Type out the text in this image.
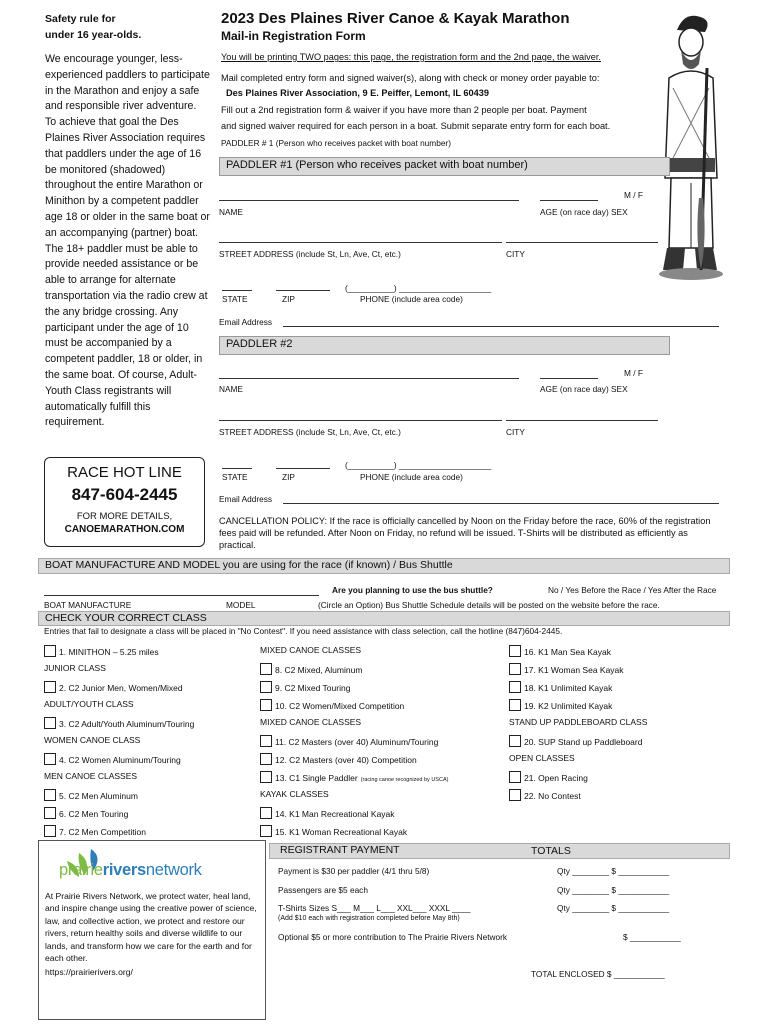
Safety rule for
under 16 year-olds.
We encourage younger, less-experienced paddlers to participate in the Marathon and enjoy a safe and responsible river adventure. To achieve that goal the Des Plaines River Association requires that paddlers under the age of 16 be monitored (shadowed) throughout the entire Marathon or Minithon by a competent paddler age 18 or older in the same boat or an accompanying (partner) boat. The 18+ paddler must be able to provide needed assistance or be able to arrange for alternate transportation via the radio crew at the any bridge crossing. Any participant under the age of 10 must be accompanied by a competent paddler, 18 or older, in the same boat. Of course, Adult-Youth Class registrants will automatically fulfill this requirement.
RACE HOT LINE
847-604-2445
FOR MORE DETAILS,
CANOEMARATHON.COM
2023 Des Plaines River Canoe & Kayak Marathon
Mail-in Registration Form
You will be printing TWO pages: this page, the registration form and the 2nd page, the waiver.
Mail completed entry form and signed waiver(s), along with check or money order payable to:
Des Plaines River Association, 9 E. Peiffer, Lemont, IL 60439
Fill out a 2nd registration form & waiver if you have more than 2 people per boat. Payment
and signed waiver required for each person in a boat. Submit separate entry form for each boat.
PADDLER # 1 (Person who receives packet with boat number)
PADDLER #1 (Person who receives packet with boat number)
M / F
NAME	AGE (on race day) SEX
STREET ADDRESS (include St, Ln, Ave, Ct, etc.)	CITY
(__________) ____________________
STATE	ZIP	PHONE (include area code)
Email Address
PADDLER #2
M / F
NAME	AGE (on race day) SEX
STREET ADDRESS (include St, Ln, Ave, Ct, etc.)	CITY
(__________) ____________________
STATE	ZIP	PHONE (include area code)
Email Address
CANCELLATION POLICY: If the race is officially cancelled by Noon on the Friday before the race, 60% of the registration fees paid will be refunded. After Noon on Friday, no refund will be issued. T-Shirts will be distributed as efficiently as practical.
BOAT MANUFACTURE AND MODEL you are using for the race (if known) / Bus Shuttle
Are you planning to use the bus shuttle?	No / Yes Before the Race / Yes After the Race
BOAT MANUFACTURE	MODEL	(Circle an Option) Bus Shuttle Schedule details will be posted on the website before the race.
CHECK YOUR CORRECT CLASS
Entries that fail to designate a class will be placed in "No Contest". If you need assistance with class selection, call the hotline (847)604-2445.
1. MINITHON – 5.25 miles
JUNIOR CLASS
2. C2 Junior Men, Women/Mixed
ADULT/YOUTH CLASS
3. C2 Adult/Youth Aluminum/Touring
WOMEN CANOE CLASS
4. C2 Women Aluminum/Touring
MEN CANOE CLASSES
5. C2 Men Aluminum
6. C2 Men Touring
7. C2 Men Competition
MIXED CANOE CLASSES
8. C2 Mixed, Aluminum
9. C2 Mixed Touring
10. C2 Women/Mixed Competition
MIXED CANOE CLASSES
11. C2 Masters (over 40) Aluminum/Touring
12. C2 Masters (over 40) Competition
13. C1 Single Paddler (racing canoe recognized by USCA)
KAYAK CLASSES
14. K1 Man Recreational Kayak
15. K1 Woman Recreational Kayak
16. K1 Man Sea Kayak
17. K1 Woman Sea Kayak
18. K1 Unlimited Kayak
19. K2 Unlimited Kayak
STAND UP PADDLEBOARD CLASS
20. SUP Stand up Paddleboard
OPEN CLASSES
21. Open Racing
22. No Contest
prairieriversnetwork
At Prairie Rivers Network, we protect water, heal land, and inspire change using the creative power of science, law, and collective action, we protect and restore our rivers, return healthy soils and diverse wildlife to our lands, and transform how we care for the earth and for each other.
https://prairierivers.org/
REGISTRANT PAYMENT	TOTALS
Payment is $30 per paddler (4/1 thru 5/8)	Qty ________ $ ___________
Passengers are $5 each	Qty ________ $ ___________
T-Shirts Sizes S___ M___ L___ XXL___ XXXL ____	Qty ________ $ ___________
(Add $10 each with registration completed before May 8th)
Optional $5 or more contribution to The Prairie Rivers Network	$ ___________
TOTAL ENCLOSED $ ___________
